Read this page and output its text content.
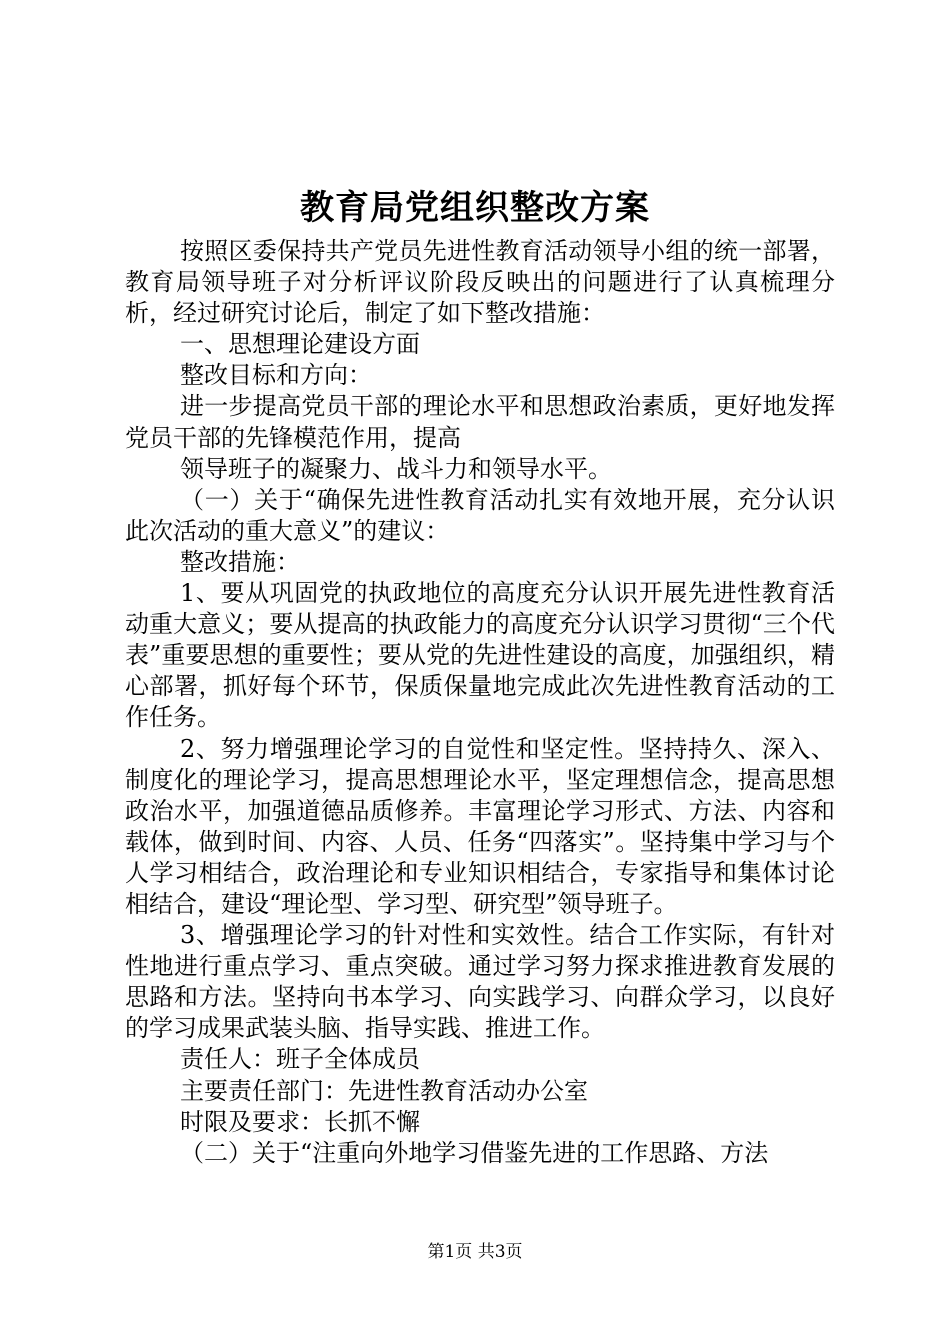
教育局党组织整改方案

按照区委保持共产党员先进性教育活动领导小组的统一部署，教育局领导班子对分析评议阶段反映出的问题进行了认真梳理分析，经过研究讨论后，制定了如下整改措施：

一、思想理论建设方面

整改目标和方向：

进一步提高党员干部的理论水平和思想政治素质，更好地发挥党员干部的先锋模范作用，提高

领导班子的凝聚力、战斗力和领导水平。

（一）关于“确保先进性教育活动扎实有效地开展，充分认识此次活动的重大意义”的建议：

整改措施：

1、要从巩固党的执政地位的高度充分认识开展先进性教育活动重大意义；要从提高的执政能力的高度充分认识学习贯彻“三个代表”重要思想的重要性；要从党的先进性建设的高度，加强组织，精心部署，抓好每个环节，保质保量地完成此次先进性教育活动的工作任务。

2、努力增强理论学习的自觉性和坚定性。坚持持久、深入、制度化的理论学习，提高思想理论水平，坚定理想信念，提高思想政治水平，加强道德品质修养。丰富理论学习形式、方法、内容和载体，做到时间、内容、人员、任务“四落实”。坚持集中学习与个人学习相结合，政治理论和专业知识相结合，专家指导和集体讨论相结合，建设“理论型、学习型、研究型”领导班子。

3、增强理论学习的针对性和实效性。结合工作实际，有针对性地进行重点学习、重点突破。通过学习努力探求推进教育发展的思路和方法。坚持向书本学习、向实践学习、向群众学习，以良好的学习成果武装头脑、指导实践、推进工作。

责任人：班子全体成员

主要责任部门：先进性教育活动办公室

时限及要求：长抓不懈

（二）关于“注重向外地学习借鉴先进的工作思路、方法

第1页 共3页
